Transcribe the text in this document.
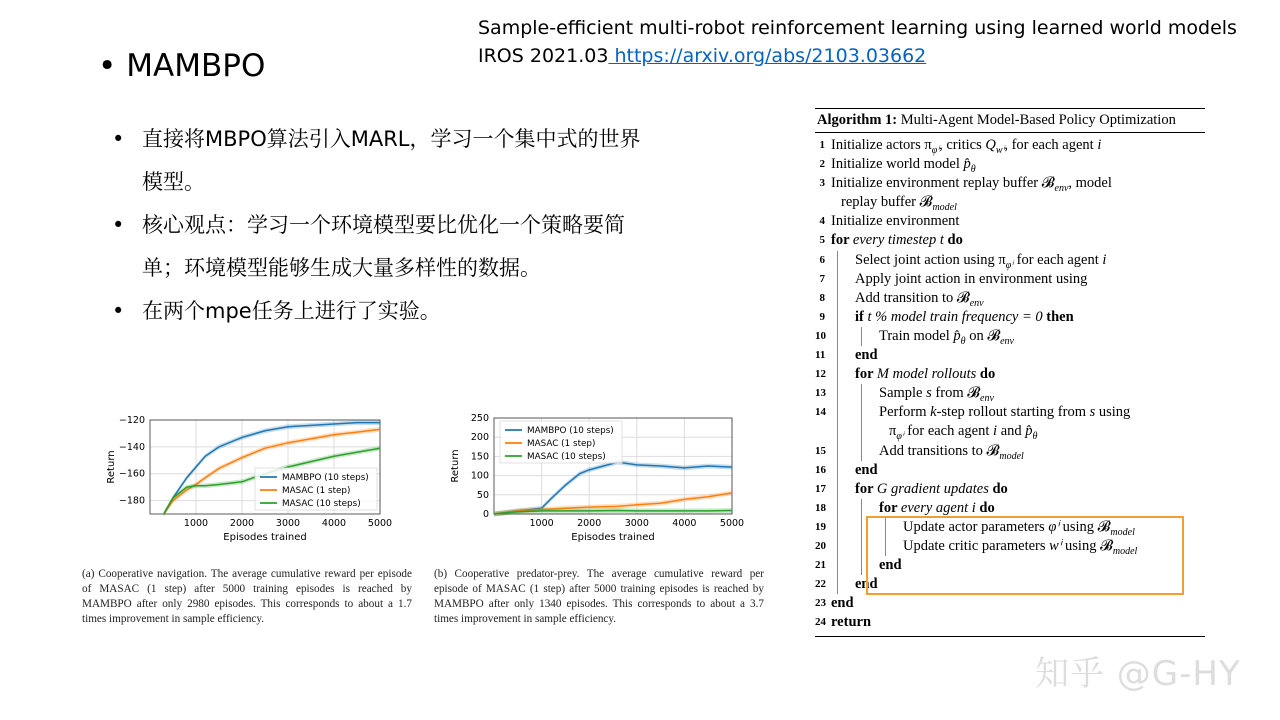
Sample-efficient multi-robot reinforcement learning using learned world models
IROS 2021.03 https://arxiv.org/abs/2103.03662
• MAMBPO
• 直接将MBPO算法引入MARL，学习一个集中式的世界模型。
• 核心观点：学习一个环境模型要比优化一个策略要简单；环境模型能够生成大量多样性的数据。
• 在两个mpe任务上进行了实验。
1000 2000 3000 4000 5000
−180
−160
−140
−120
Episodes trained
Return	MAMBPO (10 steps)
MASAC (1 step)
MASAC (10 steps)
1000 2000 3000 4000 5000
0
50
100
150
200
250
Episodes trained
Return
MAMBPO (10 steps)
MASAC (1 step)
MASAC (10 steps)
(a) Cooperative navigation. The average cumulative reward per episode of MASAC (1 step) after 5000 training episodes is reached by MAMBPO after only 2980 episodes. This corresponds to about a 1.7 times improvement in sample efficiency.
(b) Cooperative predator-prey. The average cumulative reward per episode of MASAC (1 step) after 5000 training episodes is reached by MAMBPO after only 1340 episodes. This corresponds to about a 3.7 times improvement in sample efficiency.
Algorithm 1: Multi-Agent Model-Based Policy Optimization
1 Initialize actors $\pi_{\varphi^i}$, critics $Q_{w^i}$, for each agent i
2 Initialize world model $p̂_\theta$
3 Initialize environment replay buffer 𝓑$_{env}$, model
replay buffer 𝓑$_{model}$
4 Initialize environment
5 for every timestep t do
6 Select joint action using $\pi_{\varphi^i}$ for each agent i
7 Apply joint action in environment using
8 Add transition to 𝓑$_{env}$
9 if t % model train frequency = 0 then
10	Train model $p̂_\theta$ on 𝓑$_{env}$
11 end
12 for M model rollouts do
13	Sample s from 𝓑$_{env}$
14	Perform k-step rollout starting from s using
$\pi_{\varphi^i}$ for each agent i and $p̂_\theta$
15	Add transitions to 𝓑$_{model}$
16 end
17 for G gradient updates do
18	for every agent i do
19	Update actor parameters φⁱ using 𝓑$_{model}$
20	Update critic parameters wⁱ using 𝓑$_{model}$
21	end
22 end
23 end
24 return
知乎 @G-HY
